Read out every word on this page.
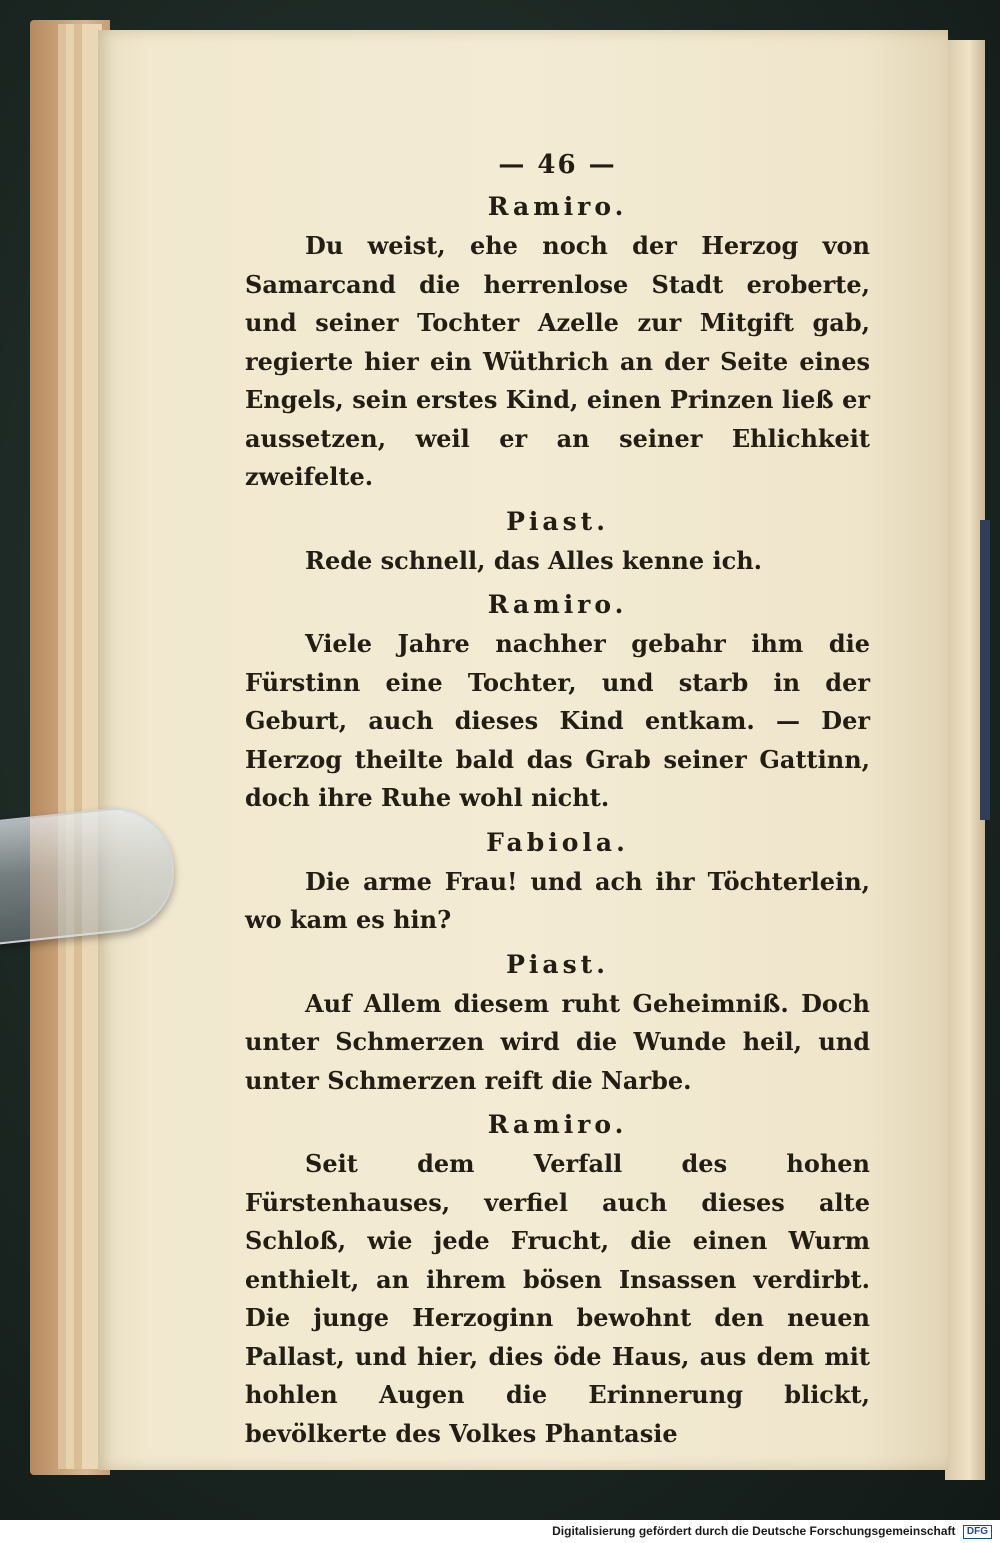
— 46 —
Ramiro.

Du weist, ehe noch der Herzog von Samarcand die herrenlose Stadt eroberte, und seiner Tochter Azelle zur Mitgift gab, regierte hier ein Wüthrich an der Seite eines Engels, sein erstes Kind, einen Prinzen ließ er aussetzen, weil er an seiner Ehlichkeit zweifelte.

Piast.

Rede schnell, das Alles kenne ich.

Ramiro.

Viele Jahre nachher gebahr ihm die Fürstinn eine Tochter, und starb in der Geburt, auch dieses Kind entkam. — Der Herzog theilte bald das Grab seiner Gattinn, doch ihre Ruhe wohl nicht.

Fabiola.

Die arme Frau! und ach ihr Töchterlein, wo kam es hin?

Piast.

Auf Allem diesem ruht Geheimniß. Doch unter Schmerzen wird die Wunde heil, und unter Schmerzen reift die Narbe.

Ramiro.

Seit dem Verfall des hohen Fürstenhauses, verfiel auch dieses alte Schloß, wie jede Frucht, die einen Wurm enthielt, an ihrem bösen Insassen verdirbt. Die junge Herzoginn bewohnt den neuen Pallast, und hier, dies öde Haus, aus dem mit hohlen Augen die Erinnerung blickt, bevölkerte des Volkes Phantasie

Digitalisierung gefördert durch die Deutsche Forschungsgemeinschaft DFG
